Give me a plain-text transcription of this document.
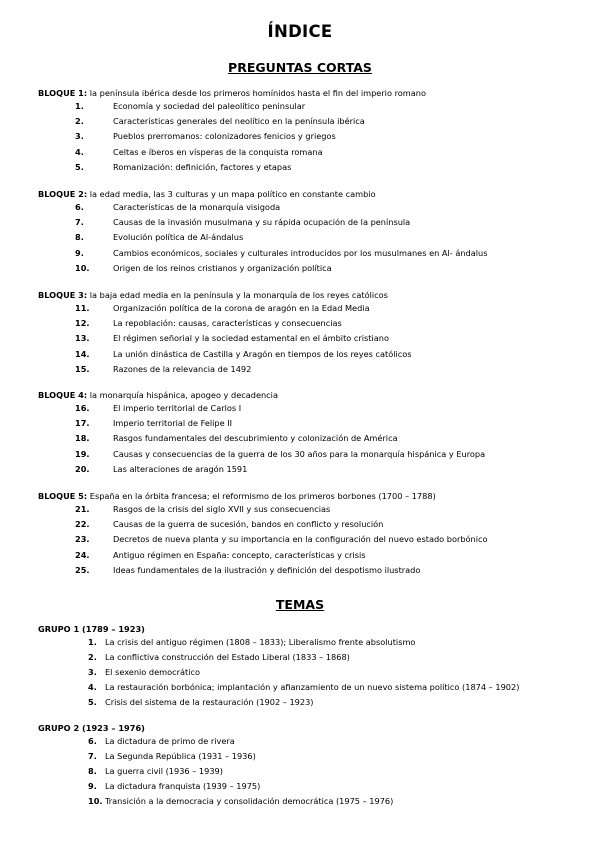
ÍNDICE
PREGUNTAS CORTAS
BLOQUE 1: la península ibérica desde los primeros homínidos hasta el fin del imperio romano
1.	Economía y sociedad del paleolítico peninsular
2.	Características generales del neolítico en la península ibérica
3.	Pueblos prerromanos: colonizadores fenicios y griegos
4.	Celtas e íberos en vísperas de la conquista romana
5.	Romanización: definición, factores y etapas
BLOQUE 2: la edad media, las 3 culturas y un mapa político en constante cambio
6.	Características de la monarquía visigoda
7.	Causas de la invasión musulmana y su rápida ocupación de la península
8.	Evolución política de Al-ándalus
9.	Cambios económicos, sociales y culturales introducidos por los musulmanes en Al- ándalus
10.	Origen de los reinos cristianos y organización política
BLOQUE 3: la baja edad media en la península y la monarquía de los reyes católicos
11.	Organización política de la corona de aragón en la Edad Media
12.	La repoblación: causas, características y consecuencias
13.	El régimen señorial y la sociedad estamental en el ámbito cristiano
14.	La unión dinástica de Castilla y Aragón en tiempos de los reyes católicos
15.	Razones de la relevancia de 1492
BLOQUE 4: la monarquía hispánica, apogeo y decadencia
16.	El imperio territorial de Carlos I
17.	Imperio territorial de Felipe II
18.	Rasgos fundamentales del descubrimiento y colonización de América
19.	Causas y consecuencias de la guerra de los 30 años para la monarquía hispánica y Europa
20.	Las alteraciones de aragón 1591
BLOQUE 5: España en la órbita francesa; el reformismo de los primeros borbones (1700 – 1788)
21.	Rasgos de la crisis del siglo XVII y sus consecuencias
22.	Causas de la guerra de sucesión, bandos en conflicto y resolución
23.	Decretos de nueva planta y su importancia en la configuración del nuevo estado borbónico
24.	Antiguo régimen en España: concepto, características y crisis
25.	Ideas fundamentales de la ilustración y definición del despotismo ilustrado
TEMAS
GRUPO 1 (1789 – 1923)
1. La crisis del antiguo régimen (1808 – 1833); Liberalismo frente absolutismo
2. La conflictiva construcción del Estado Liberal (1833 – 1868)
3. El sexenio democrático
4. La restauración borbónica; implantación y afianzamiento de un nuevo sistema político (1874 – 1902)
5. Crisis del sistema de la restauración (1902 – 1923)
GRUPO 2 (1923 – 1976)
6. La dictadura de primo de rivera
7. La Segunda República (1931 – 1936)
8. La guerra civil (1936 – 1939)
9. La dictadura franquista (1939 – 1975)
10. Transición a la democracia y consolidación democrática (1975 – 1976)
